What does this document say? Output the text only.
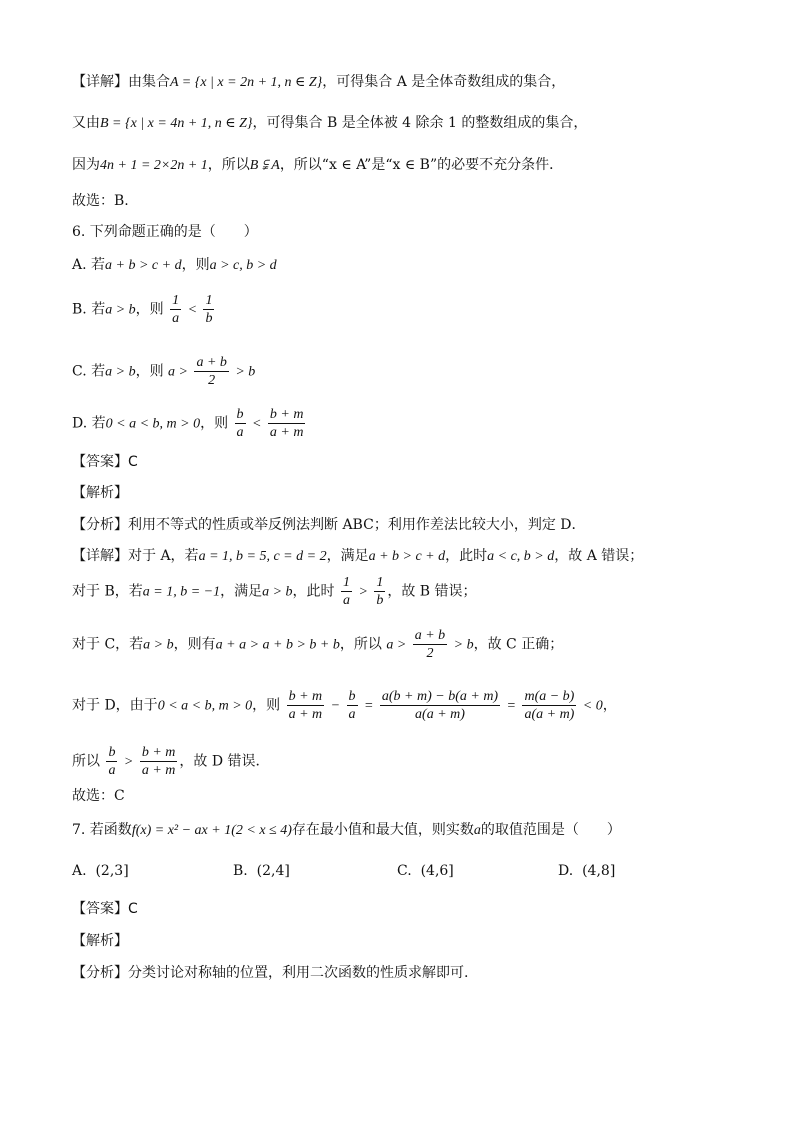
【详解】由集合A = {x | x = 2n + 1, n ∈ Z}，可得集合 A 是全体奇数组成的集合，
又由B = {x | x = 4n + 1, n ∈ Z}，可得集合 B 是全体被 4 除余 1 的整数组成的集合，
因为4n + 1 = 2×2n + 1，所以B ⫋ A，所以“x ∈ A”是“x ∈ B”的必要不充分条件．
故选：B.
6. 下列命题正确的是（　　）
A. 若a + b > c + d，则a > c, b > d
B. 若a > b，则 $\frac{1}{a} < \frac{1}{b}$
C. 若a > b，则 $a > \frac{a + b}{2} > b$
D. 若0 < a < b, m > 0，则 $\frac{b}{a} < \frac{b + m}{a + m}$
【答案】C
【解析】
【分析】利用不等式的性质或举反例法判断 ABC；利用作差法比较大小，判定 D．
【详解】对于 A，若a = 1, b = 5, c = d = 2，满足a + b > c + d，此时a < c, b > d，故 A 错误；
对于 B，若a = 1, b = −1，满足a > b，此时 $\frac{1}{a} > \frac{1}{b}$ ，故 B 错误；
对于 C，若a > b，则有a + a > a + b > b + b，所以 $a > \frac{a + b}{2} > b$，故 C 正确；
对于 D，由于0 < a < b, m > 0，则 $\frac{b + m}{a + m} - \frac{b}{a} = \frac{a(b + m) - b(a + m)}{a(a + m)} = \frac{m(a - b)}{a(a + m)} < 0$，
所以 $\frac{b}{a} > \frac{b + m}{a + m}$ ，故 D 错误．
故选：C
7. 若函数f(x) = x² − ax + 1(2 < x ≤ 4)存在最小值和最大值，则实数a的取值范围是（　　）
A. (2,3]	B. (2,4]	C. (4,6]	D. (4,8]
【答案】C
【解析】
【分析】分类讨论对称轴的位置，利用二次函数的性质求解即可.
